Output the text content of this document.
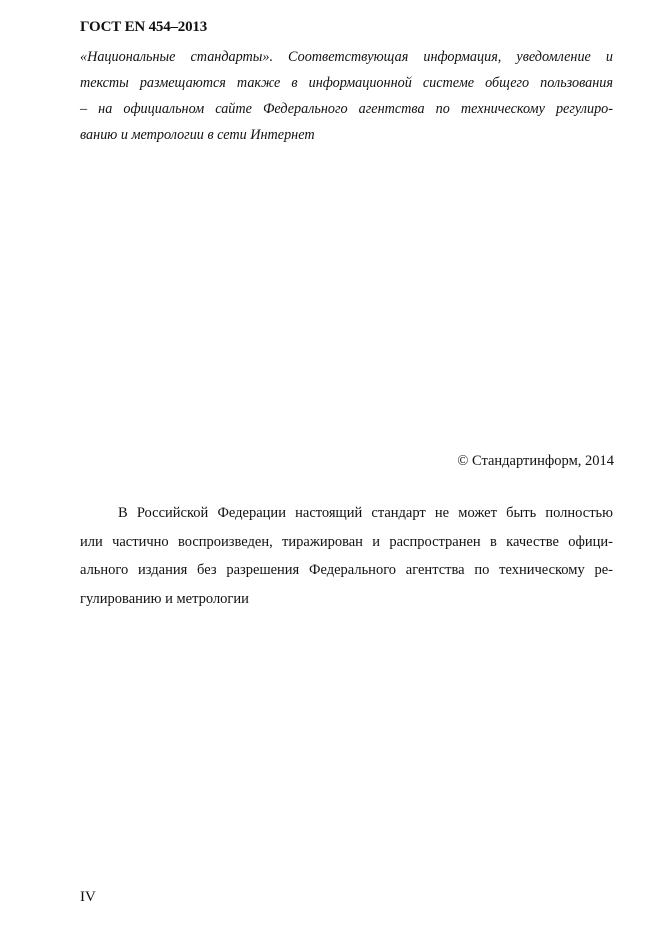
ГОСТ EN 454–2013
«Национальные стандарты». Соответствующая информация, уведомление и
тексты размещаются также в информационной системе общего пользования
– на официальном сайте Федерального агентства по техническому регулиро-
ванию и метрологии в сети Интернет
© Стандартинформ, 2014
В Российской Федерации настоящий стандарт не может быть полностью
или частично воспроизведен, тиражирован и распространен в качестве офици-
ального издания без разрешения Федерального агентства по техническому ре-
гулированию и метрологии
IV
